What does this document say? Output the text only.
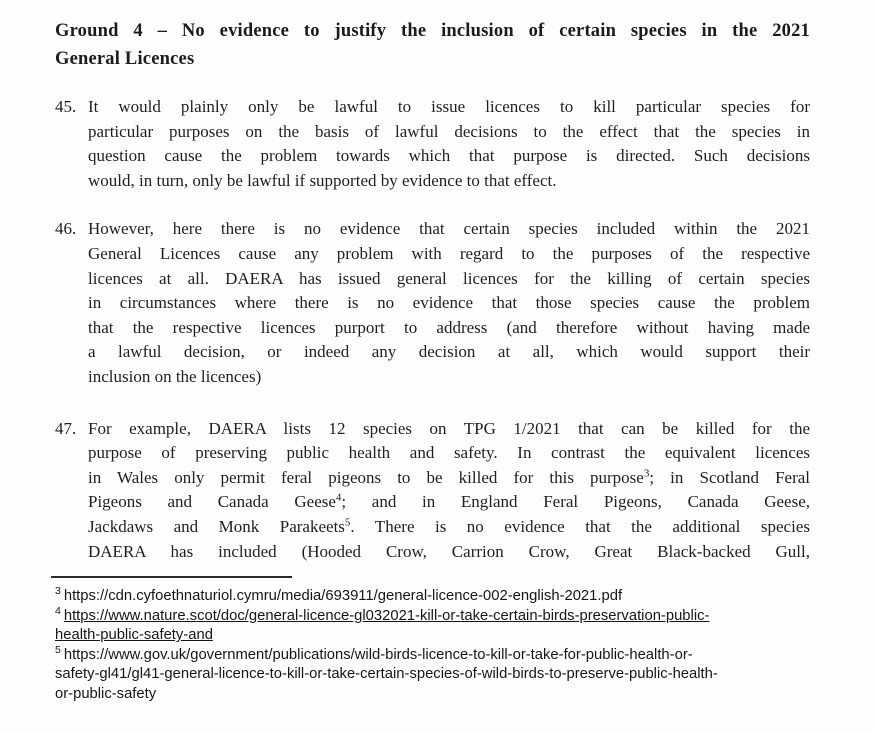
Ground 4 – No evidence to justify the inclusion of certain species in the 2021
General Licences
45. It would plainly only be lawful to issue licences to kill particular species for
particular purposes on the basis of lawful decisions to the effect that the species in
question cause the problem towards which that purpose is directed. Such decisions
would, in turn, only be lawful if supported by evidence to that effect.
46. However, here there is no evidence that certain species included within the 2021
General Licences cause any problem with regard to the purposes of the respective
licences at all. DAERA has issued general licences for the killing of certain species
in circumstances where there is no evidence that those species cause the problem
that the respective licences purport to address (and therefore without having made
a lawful decision, or indeed any decision at all, which would support their
inclusion on the licences)
47. For example, DAERA lists 12 species on TPG 1/2021 that can be killed for the
purpose of preserving public health and safety. In contrast the equivalent licences
in Wales only permit feral pigeons to be killed for this purpose$^3$; in Scotland Feral
Pigeons and Canada Geese$^4$; and in England Feral Pigeons, Canada Geese,
Jackdaws and Monk Parakeets$^5$. There is no evidence that the additional species
DAERA has included (Hooded Crow, Carrion Crow, Great Black-backed Gull,
$^3$ https://cdn.cyfoethnaturiol.cymru/media/693911/general-licence-002-english-2021.pdf
$^4$ https://www.nature.scot/doc/general-licence-gl032021-kill-or-take-certain-birds-preservation-public-
health-public-safety-and
$^5$ https://www.gov.uk/government/publications/wild-birds-licence-to-kill-or-take-for-public-health-or-
safety-gl41/gl41-general-licence-to-kill-or-take-certain-species-of-wild-birds-to-preserve-public-health-
or-public-safety
